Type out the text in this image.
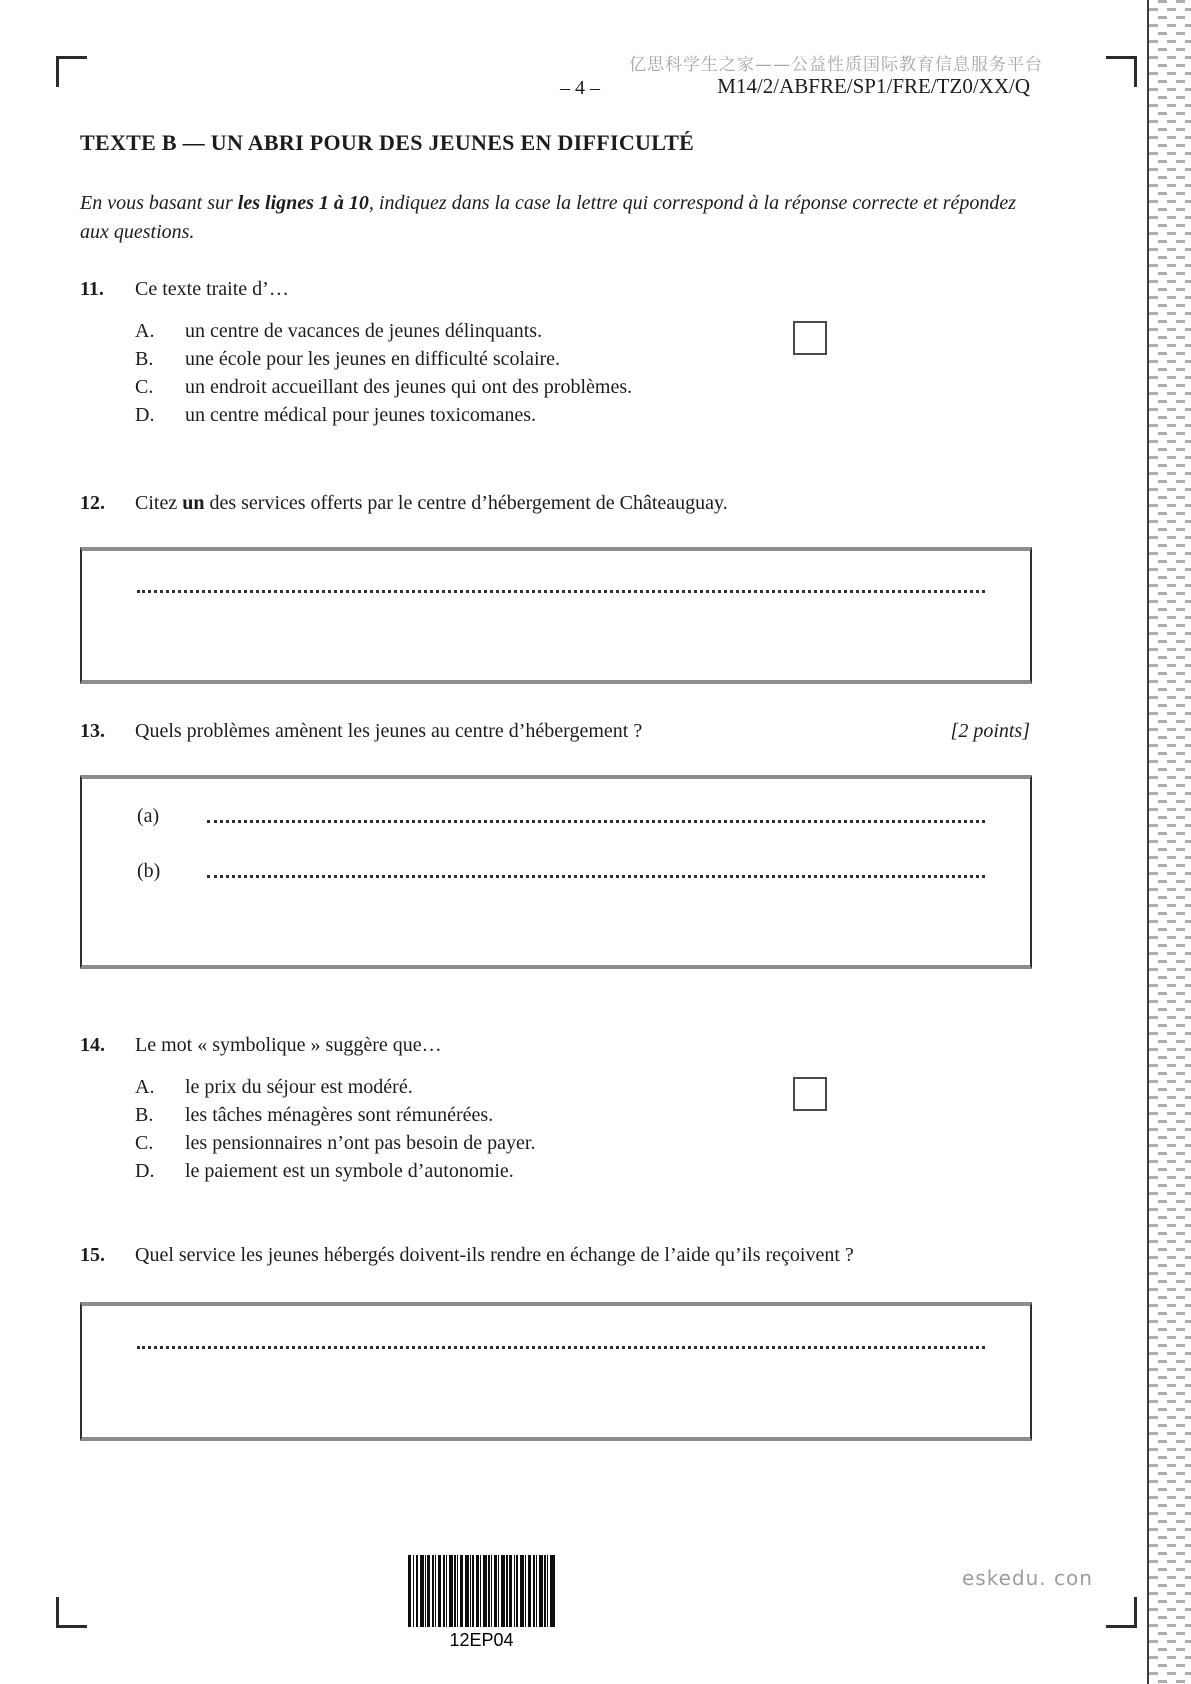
亿思科学生之家——公益性质国际教育信息服务平台
– 4 –	M14/2/ABFRE/SP1/FRE/TZ0/XX/Q
TEXTE B — UN ABRI POUR DES JEUNES EN DIFFICULTÉ
En vous basant sur les lignes 1 à 10, indiquez dans la case la lettre qui correspond à la réponse correcte et répondez aux questions.
11. Ce texte traite d’…
A. un centre de vacances de jeunes délinquants.
B. une école pour les jeunes en difficulté scolaire.
C. un endroit accueillant des jeunes qui ont des problèmes.
D. un centre médical pour jeunes toxicomanes.
12. Citez un des services offerts par le centre d’hébergement de Châteauguay.
13. Quels problèmes amènent les jeunes au centre d’hébergement ?	[2 points]
(a)
(b)
14. Le mot « symbolique » suggère que…
A. le prix du séjour est modéré.
B. les tâches ménagères sont rémunérées.
C. les pensionnaires n’ont pas besoin de payer.
D. le paiement est un symbole d’autonomie.
15. Quel service les jeunes hébergés doivent-ils rendre en échange de l’aide qu’ils reçoivent ?
12EP04
eskedu. con
